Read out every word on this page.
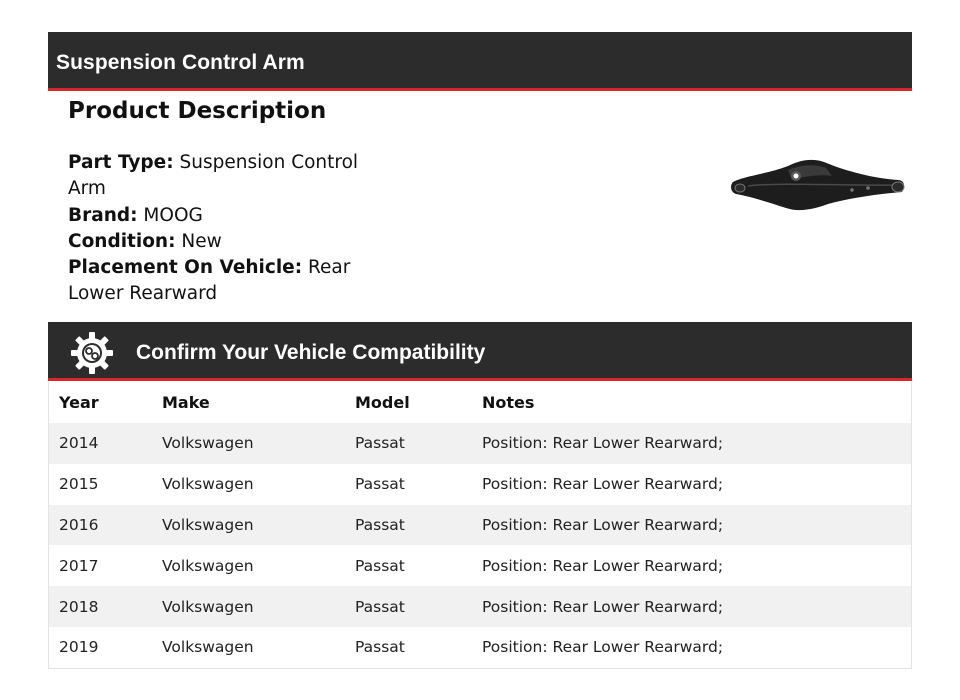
Suspension Control Arm
Product Description
Part Type: Suspension Control Arm
Brand: MOOG
Condition: New
Placement On Vehicle: Rear Lower Rearward
Confirm Your Vehicle Compatibility
Year	Make	Model	Notes
2014	Volkswagen	Passat	Position: Rear Lower Rearward;
2015	Volkswagen	Passat	Position: Rear Lower Rearward;
2016	Volkswagen	Passat	Position: Rear Lower Rearward;
2017	Volkswagen	Passat	Position: Rear Lower Rearward;
2018	Volkswagen	Passat	Position: Rear Lower Rearward;
2019	Volkswagen	Passat	Position: Rear Lower Rearward;
